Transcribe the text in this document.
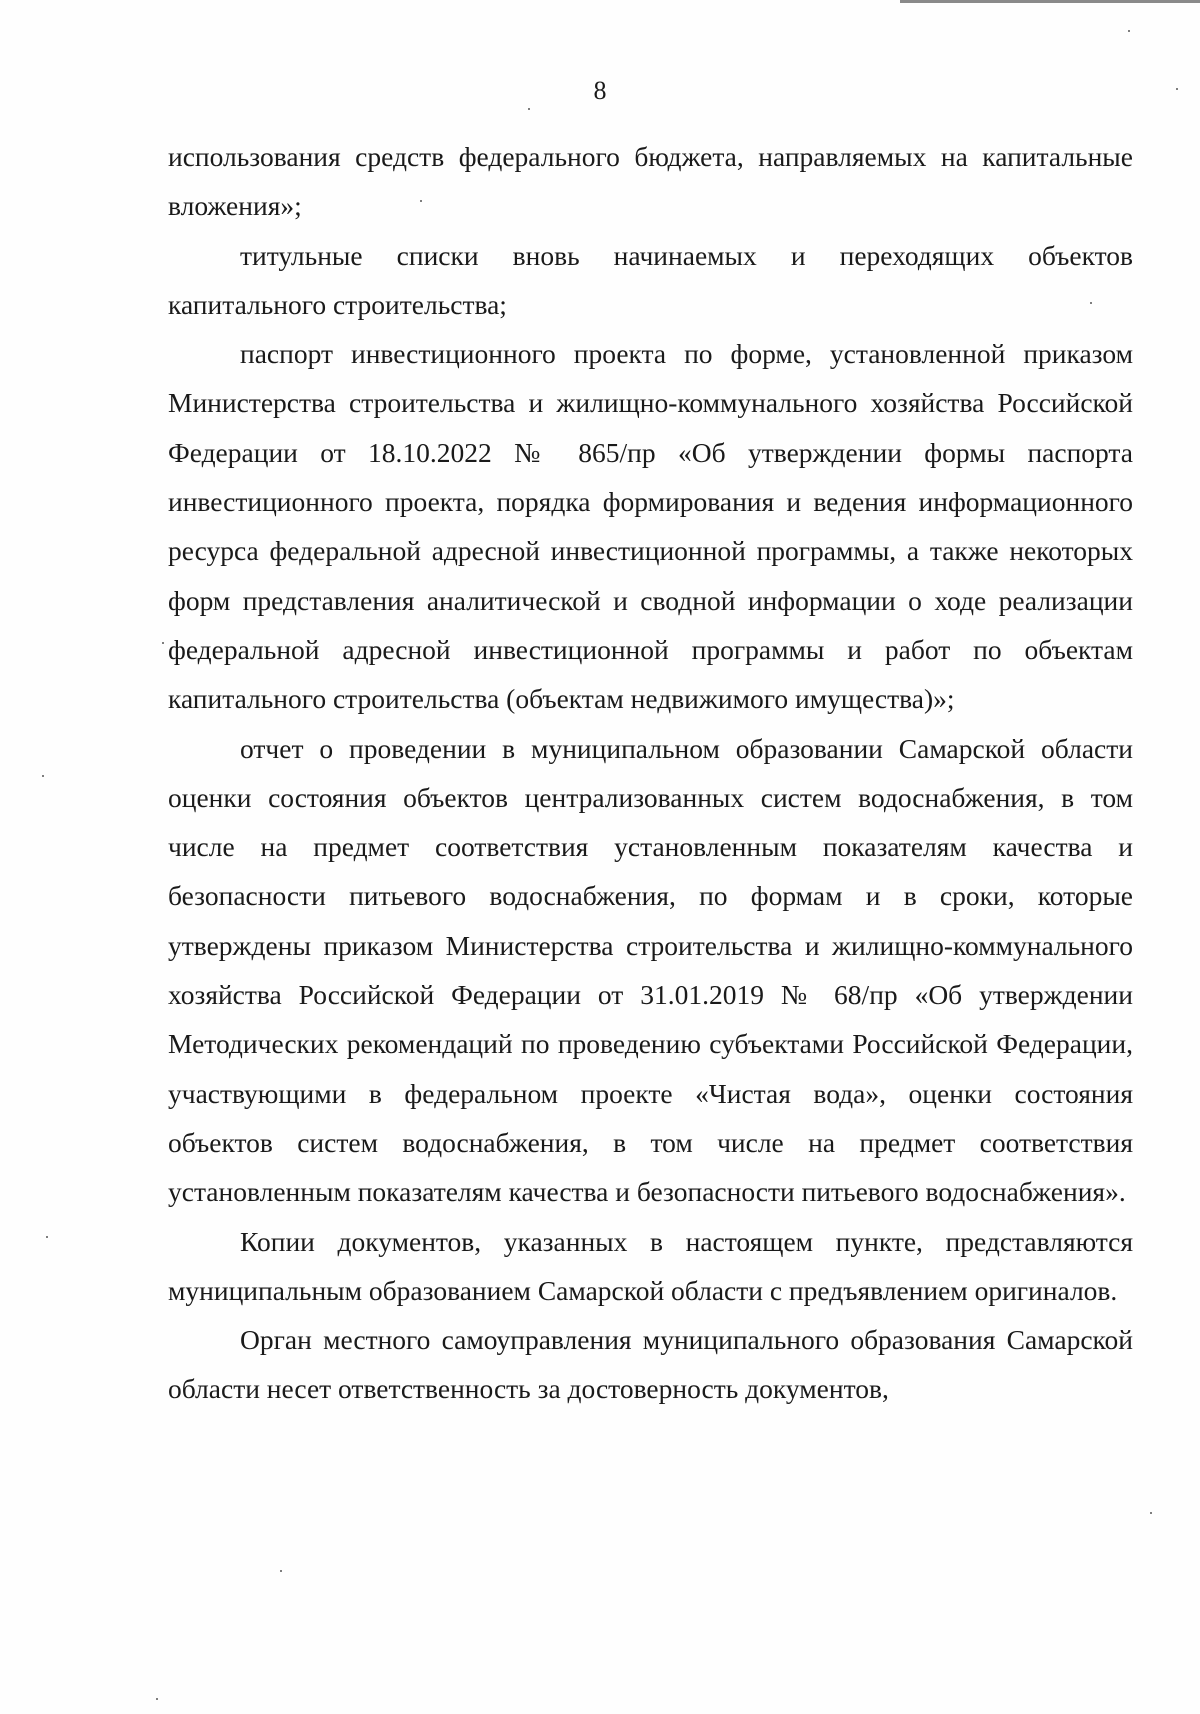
8

использования средств федерального бюджета, направляемых на капитальные вложения»;

титульные списки вновь начинаемых и переходящих объектов капитального строительства;

паспорт инвестиционного проекта по форме, установленной приказом Министерства строительства и жилищно-коммунального хозяйства Российской Федерации от 18.10.2022 № 865/пр «Об утверждении формы паспорта инвестиционного проекта, порядка формирования и ведения информационного ресурса федеральной адресной инвестиционной программы, а также некоторых форм представления аналитической и сводной информации о ходе реализации федеральной адресной инвестиционной программы и работ по объектам капитального строительства (объектам недвижимого имущества)»;

отчет о проведении в муниципальном образовании Самарской области оценки состояния объектов централизованных систем водоснабжения, в том числе на предмет соответствия установленным показателям качества и безопасности питьевого водоснабжения, по формам и в сроки, которые утверждены приказом Министерства строительства и жилищно-коммунального хозяйства Российской Федерации от 31.01.2019 № 68/пр «Об утверждении Методических рекомендаций по проведению субъектами Российской Федерации, участвующими в федеральном проекте «Чистая вода», оценки состояния объектов систем водоснабжения, в том числе на предмет соответствия установленным показателям качества и безопасности питьевого водоснабжения».

Копии документов, указанных в настоящем пункте, представляются муниципальным образованием Самарской области с предъявлением оригиналов.

Орган местного самоуправления муниципального образования Самарской области несет ответственность за достоверность документов,
